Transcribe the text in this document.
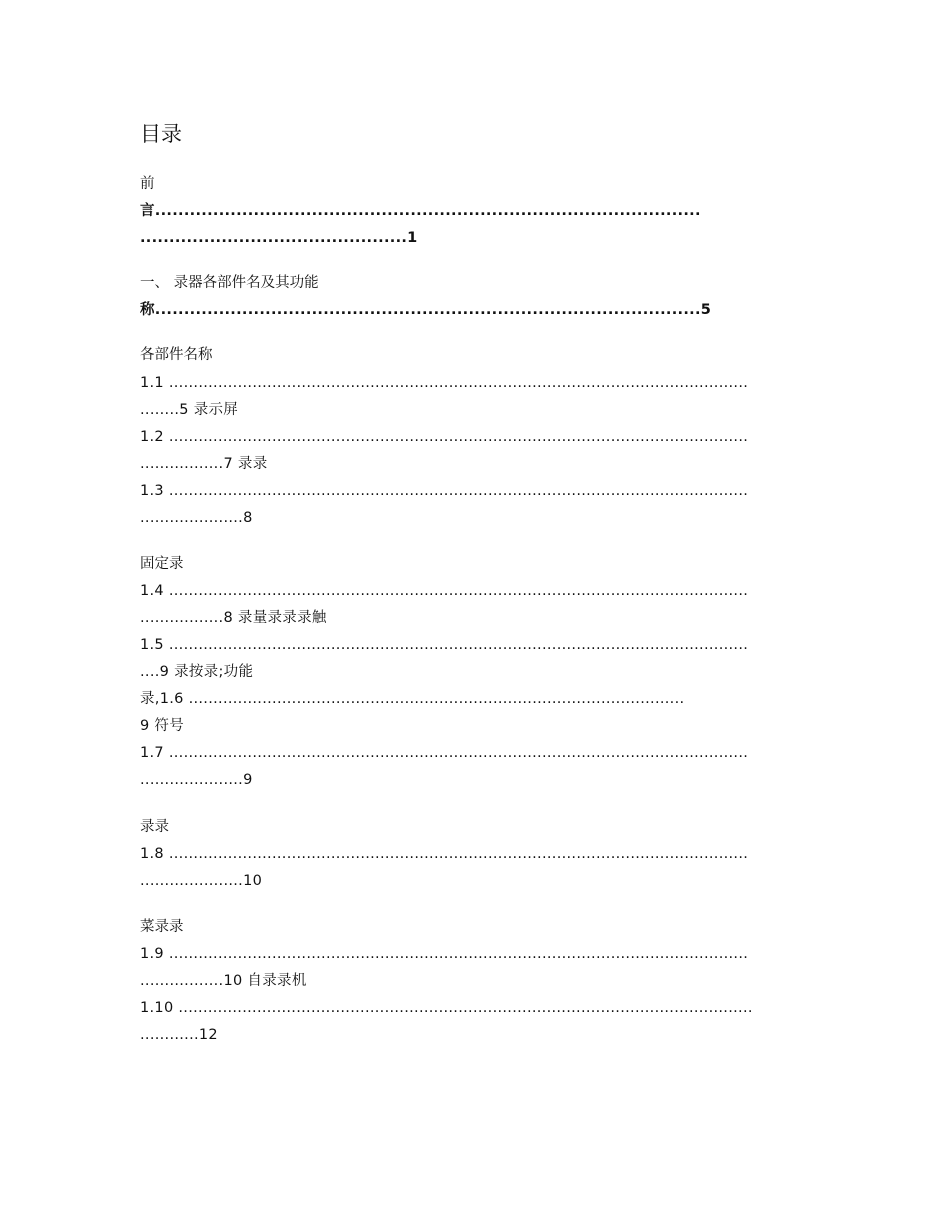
目录
前
言..............................................................................................
..............................................1
一、 录器各部件名及其功能
称..............................................................................................5
各部件名称
1.1 ......................................................................................................................
........5 录示屏
1.2 ......................................................................................................................
.................7 录录
1.3 ......................................................................................................................
.....................8
固定录
1.4 ......................................................................................................................
.................8 录量录录录触
1.5 ......................................................................................................................
....9 录按录;功能
录,1.6 .....................................................................................................
9 符号
1.7 ......................................................................................................................
.....................9
录录
1.8 ......................................................................................................................
.....................10
菜录录
1.9 ......................................................................................................................
.................10 自录录机
1.10 .....................................................................................................................
............12
